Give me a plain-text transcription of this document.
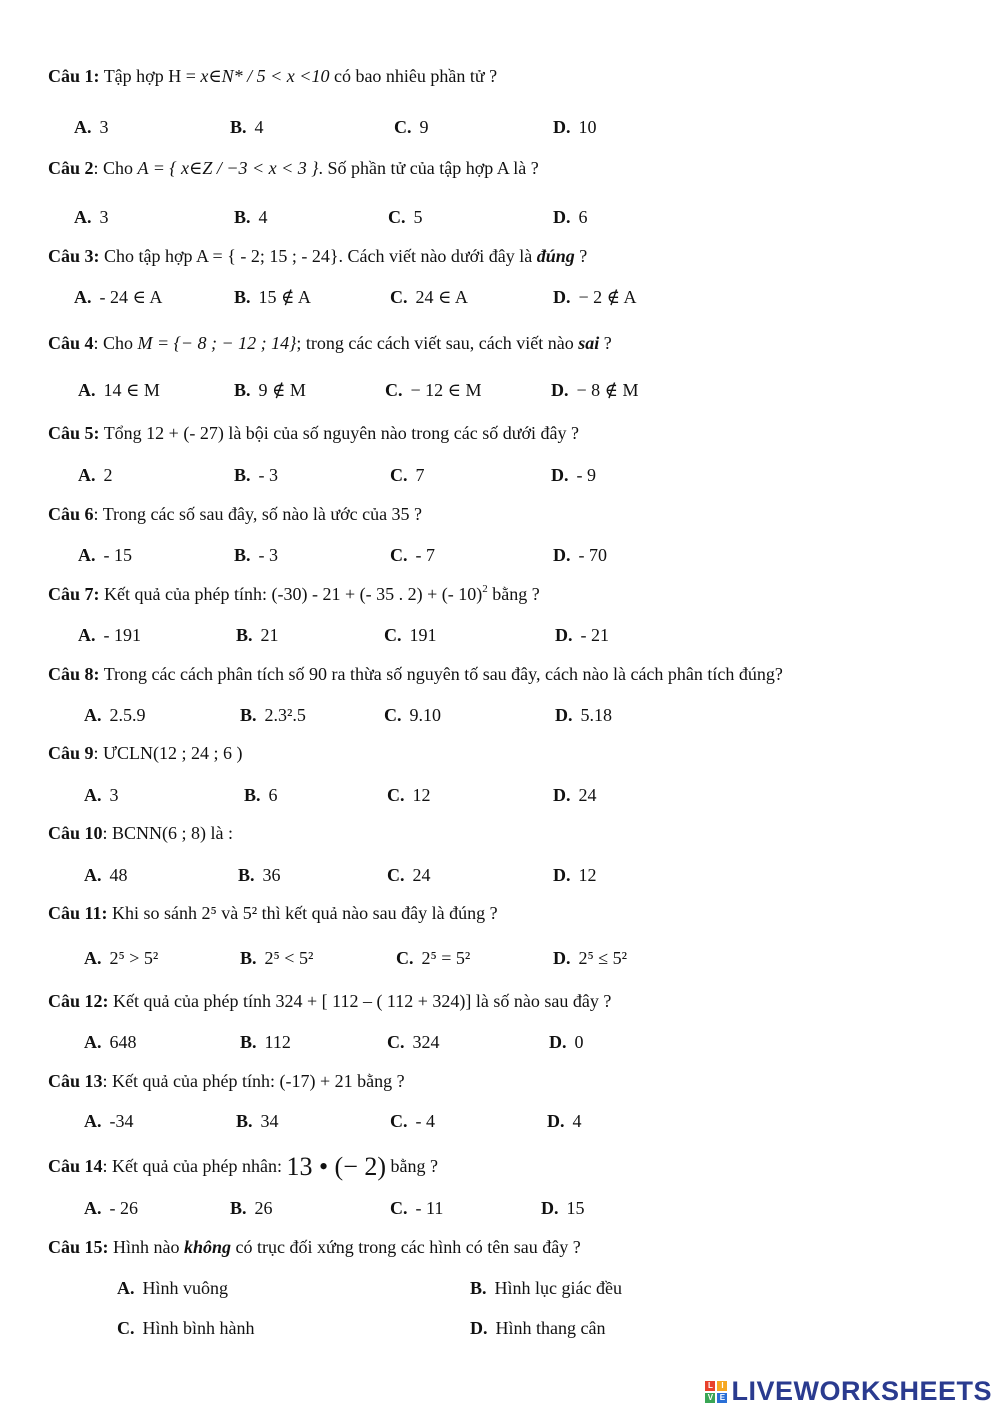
Câu 1: Tập hợp H = x∈N* / 5 < x <10 có bao nhiêu phần tử ?
A. 3	B. 4	C. 9	D. 10
Câu 2: Cho A = { x∈Z / −3 < x < 3 }. Số phần tử của tập hợp A là ?
A. 3	B. 4	C. 5	D. 6
Câu 3: Cho tập hợp A = { - 2; 15 ; - 24}. Cách viết nào dưới đây là đúng ?
A. - 24 ∈ A	B. 15 ∉ A	C. 24 ∈ A	D. − 2 ∉ A
Câu 4: Cho M = {− 8 ; − 12 ; 14}; trong các cách viết sau, cách viết nào sai ?
A. 14 ∈ M	B. 9 ∉ M	C. − 12 ∈ M	D. − 8 ∉ M
Câu 5: Tổng 12 + (- 27) là bội của số nguyên nào trong các số dưới đây ?
A. 2	B. - 3	C. 7	D. - 9
Câu 6: Trong các số sau đây, số nào là ước của 35 ?
A. - 15	B. - 3	C. - 7	D. - 70
Câu 7: Kết quả của phép tính: (-30) - 21 + (- 35 . 2) + (- 10)$^2$ bằng ?
A. - 191	B. 21	C. 191	D. - 21
Câu 8: Trong các cách phân tích số 90 ra thừa số nguyên tố sau đây, cách nào là cách phân tích đúng?
A. 2.5.9	B. 2.3².5	C. 9.10	D. 5.18
Câu 9: ƯCLN(12 ; 24 ; 6 )
A. 3	B. 6	C. 12	D. 24
Câu 10: BCNN(6 ; 8) là :
A. 48	B. 36	C. 24	D. 12
Câu 11: Khi so sánh 2⁵ và 5² thì kết quả nào sau đây là đúng ?
A. 2⁵ > 5²	B. 2⁵ < 5²	C. 2⁵ = 5²	D. 2⁵ ≤ 5²
Câu 12: Kết quả của phép tính 324 + [ 112 – ( 112 + 324)] là số nào sau đây ?
A. 648	B. 112	C. 324	D. 0
Câu 13: Kết quả của phép tính: (-17) + 21 bằng ?
A. -34	B. 34	C. - 4	D. 4
Câu 14: Kết quả của phép nhân: 13 • (− 2) bằng ?
A. - 26	B. 26	C. - 11	D. 15
Câu 15: Hình nào không có trục đối xứng trong các hình có tên sau đây ?
A. Hình vuông	B. Hình lục giác đều
C. Hình bình hành	D. Hình thang cân
L	I
V E LIVEWORKSHEETS
